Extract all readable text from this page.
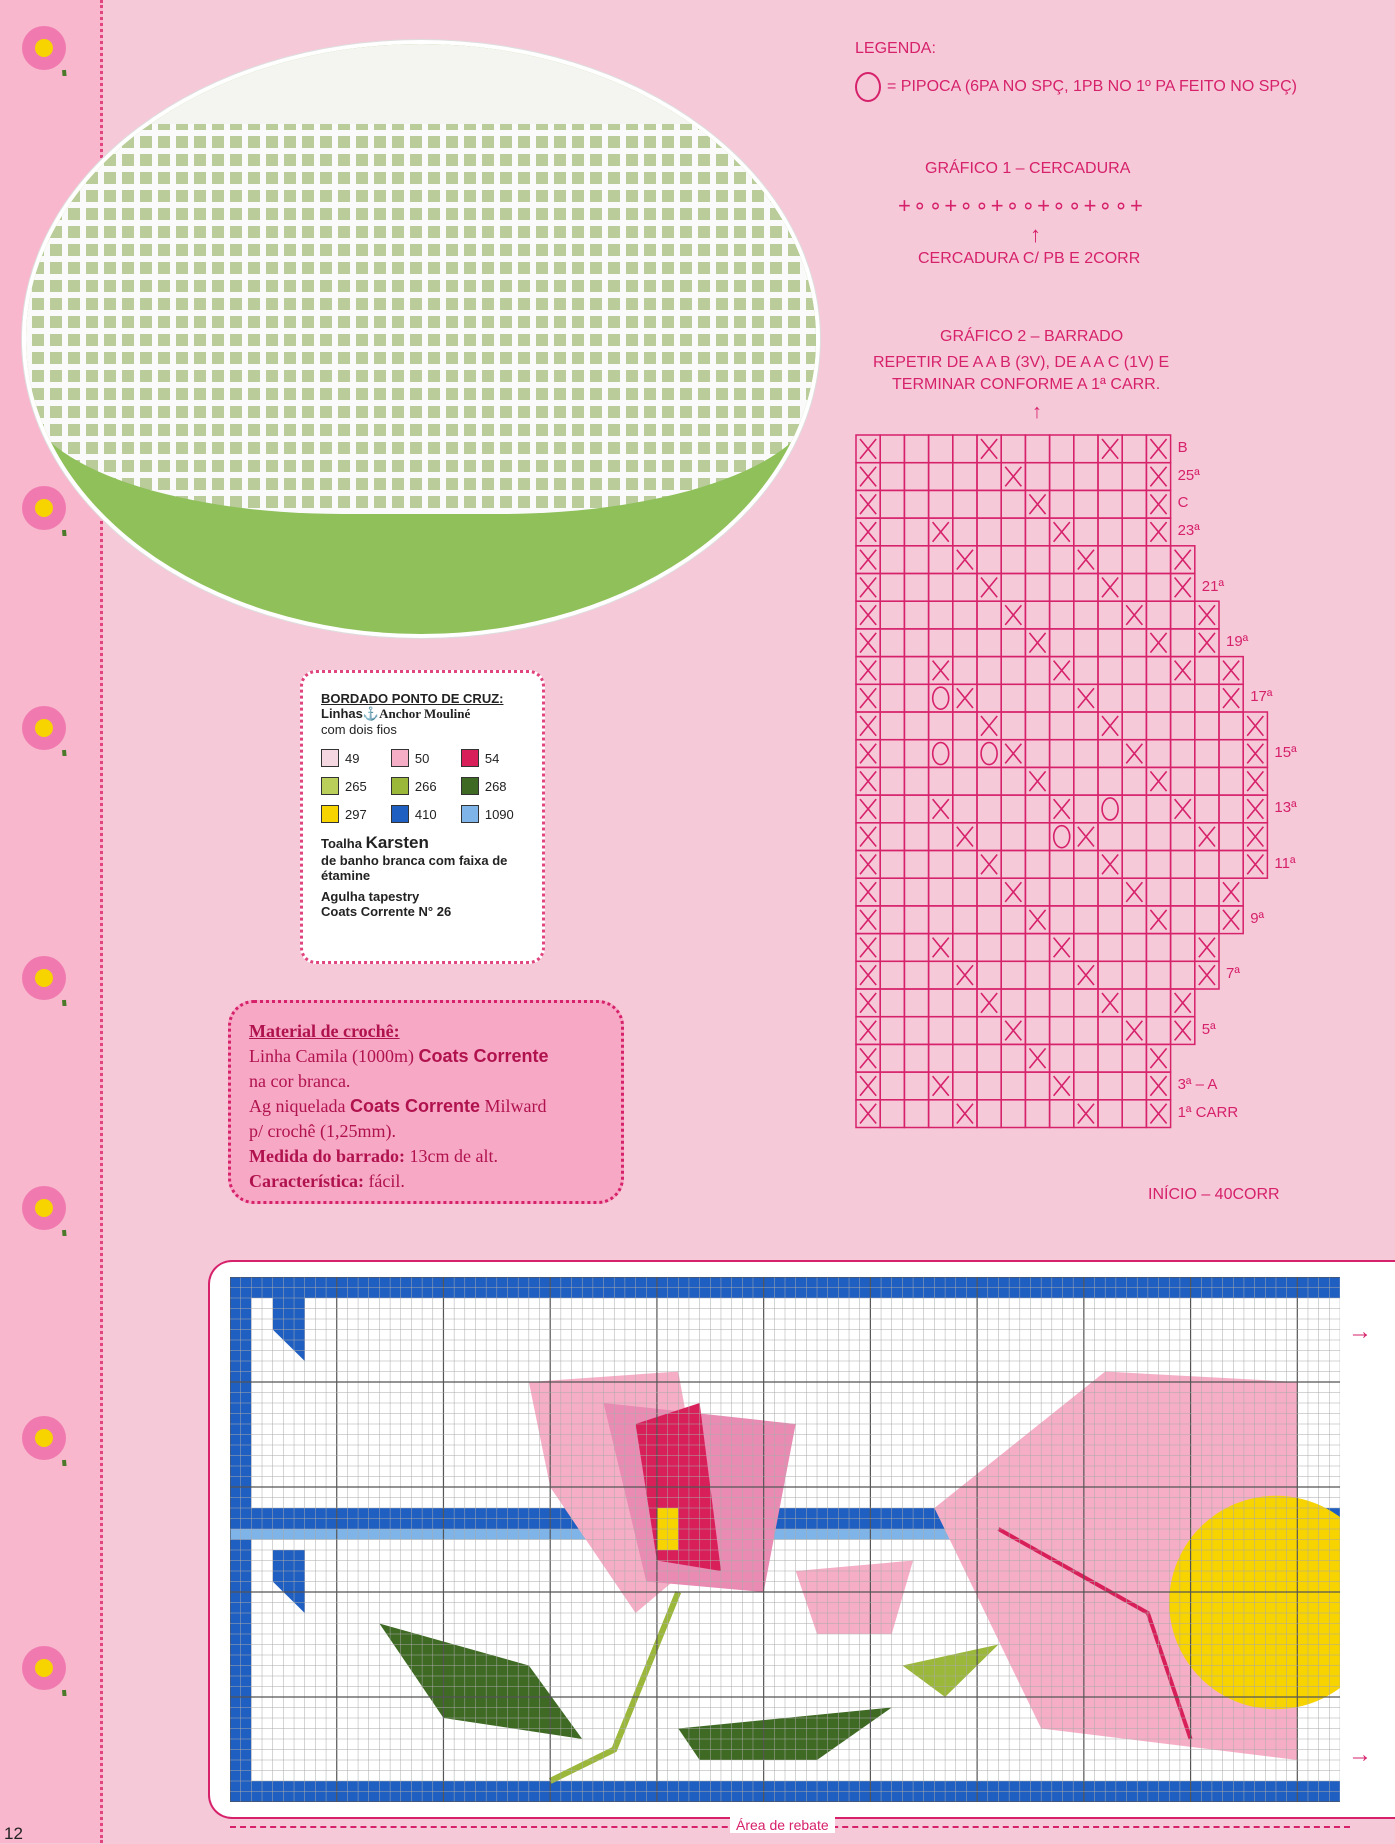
LEGENDA:
= PIPOCA (6PA NO SPÇ, 1PB NO 1º PA FEITO NO SPÇ)
GRÁFICO 1 – CERCADURA
+∘∘+∘∘+∘∘+∘∘+∘∘+
↑
CERCADURA C/ PB E 2CORR
GRÁFICO 2 – BARRADO
REPETIR DE A A B (3V), DE A A C (1V) E
TERMINAR CONFORME A 1ª CARR.
↑
B
25ª
C
23ª
21ª
19ª
17ª
15ª
13ª
11ª
9ª
7ª
5ª
3ª – A
1ª CARR
INÍCIO – 40CORR
BORDADO PONTO DE CRUZ:
Linhas⚓Anchor Mouliné
com dois fios
49	50	54
265	266	268
297	410	1090
Toalha Karsten
de banho branca com faixa de étamine
Agulha tapestry
Coats Corrente N° 26
Material de crochê:
Linha Camila (1000m) Coats Corrente
na cor branca.
Ag niquelada Coats Corrente Milward
p/ crochê (1,25mm).
Medida do barrado: 13cm de alt.
Característica: fácil.
→
→
Área de rebate
12
